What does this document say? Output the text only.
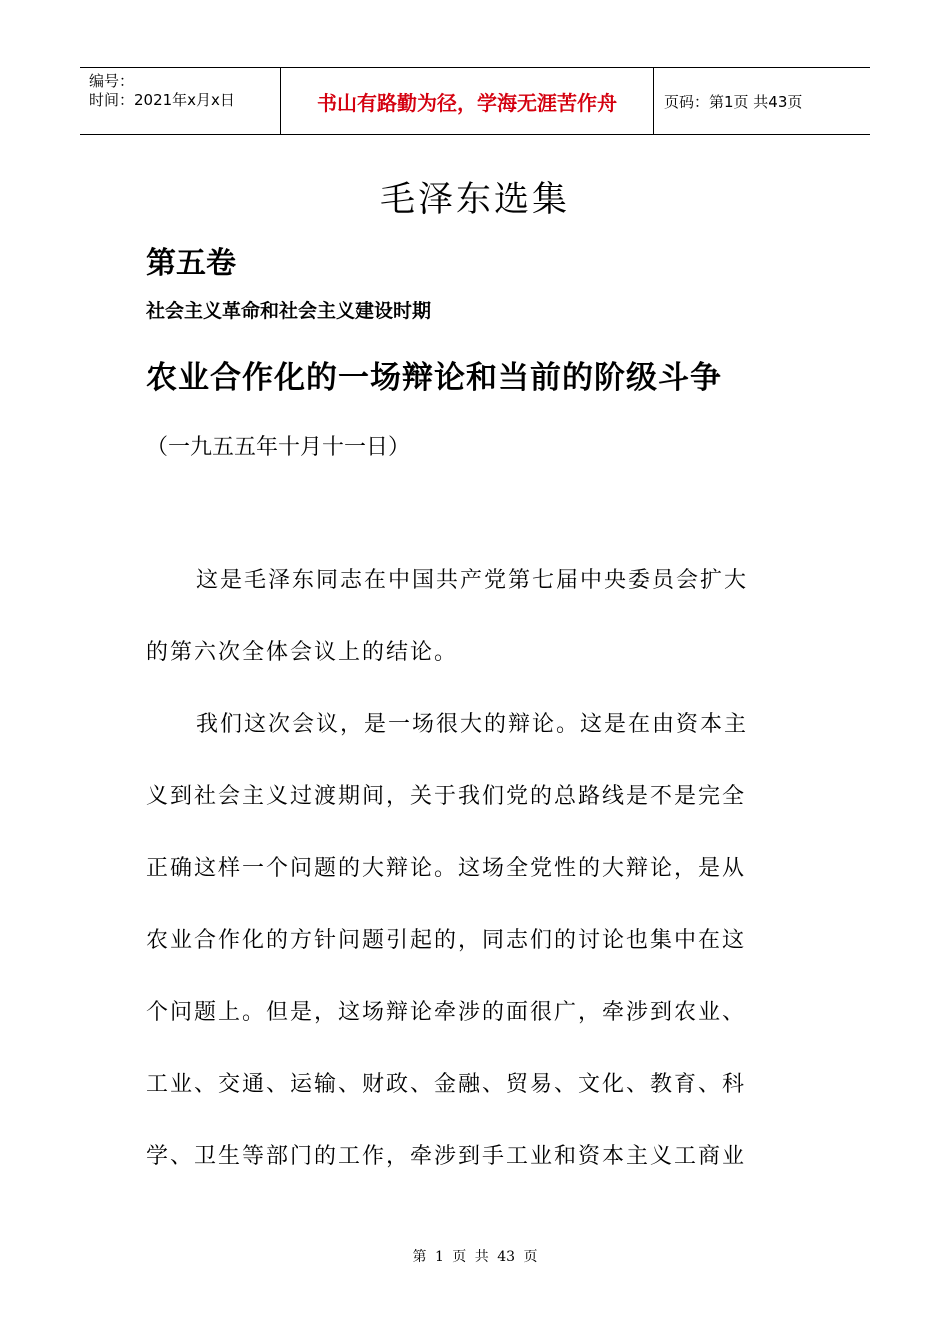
编号：
时间：2021年x月x日	书山有路勤为径，学海无涯苦作舟	页码：第1页 共43页
毛泽东选集
第五卷
社会主义革命和社会主义建设时期
农业合作化的一场辩论和当前的阶级斗争
（一九五五年十月十一日）
这是毛泽东同志在中国共产党第七届中央委员会扩大
的第六次全体会议上的结论。
我们这次会议，是一场很大的辩论。这是在由资本主
义到社会主义过渡期间，关于我们党的总路线是不是完全
正确这样一个问题的大辩论。这场全党性的大辩论，是从
农业合作化的方针问题引起的，同志们的讨论也集中在这
个问题上。但是，这场辩论牵涉的面很广，牵涉到农业、
工业、交通、运输、财政、金融、贸易、文化、教育、科
学、卫生等部门的工作，牵涉到手工业和资本主义工商业
第 1 页 共 43 页
